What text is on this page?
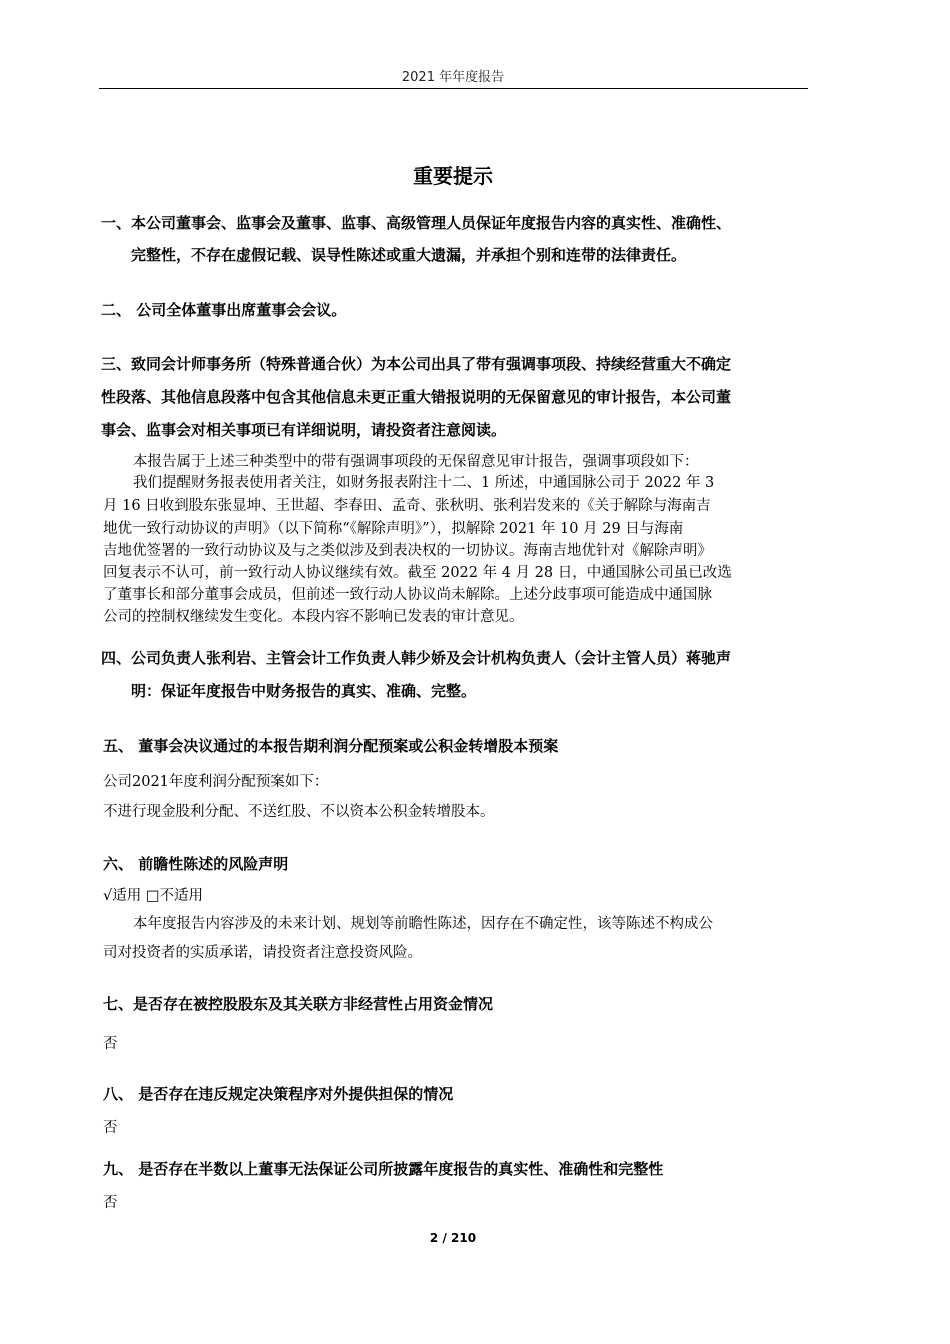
2021 年年度报告
重要提示
一、本公司董事会、监事会及董事、监事、高级管理人员保证年度报告内容的真实性、准确性、
完整性，不存在虚假记载、误导性陈述或重大遗漏，并承担个别和连带的法律责任。
二、 公司全体董事出席董事会会议。
三、致同会计师事务所（特殊普通合伙）为本公司出具了带有强调事项段、持续经营重大不确定
性段落、其他信息段落中包含其他信息未更正重大错报说明的无保留意见的审计报告，本公司董
事会、监事会对相关事项已有详细说明，请投资者注意阅读。
本报告属于上述三种类型中的带有强调事项段的无保留意见审计报告，强调事项段如下：
我们提醒财务报表使用者关注，如财务报表附注十二、1 所述，中通国脉公司于 2022 年 3
月 16 日收到股东张显坤、王世超、李春田、孟奇、张秋明、张利岩发来的《关于解除与海南吉
地优一致行动协议的声明》（以下简称“《解除声明》”），拟解除 2021 年 10 月 29 日与海南
吉地优签署的一致行动协议及与之类似涉及到表决权的一切协议。海南吉地优针对《解除声明》
回复表示不认可，前一致行动人协议继续有效。截至 2022 年 4 月 28 日，中通国脉公司虽已改选
了董事长和部分董事会成员，但前述一致行动人协议尚未解除。上述分歧事项可能造成中通国脉
公司的控制权继续发生变化。本段内容不影响已发表的审计意见。
四、公司负责人张利岩、主管会计工作负责人韩少娇及会计机构负责人（会计主管人员）蒋驰声
明：保证年度报告中财务报告的真实、准确、完整。
五、 董事会决议通过的本报告期利润分配预案或公积金转增股本预案
公司2021年度利润分配预案如下：
不进行现金股利分配、不送红股、不以资本公积金转增股本。
六、 前瞻性陈述的风险声明
√适用 □不适用
本年度报告内容涉及的未来计划、规划等前瞻性陈述，因存在不确定性，该等陈述不构成公
司对投资者的实质承诺，请投资者注意投资风险。
七、是否存在被控股股东及其关联方非经营性占用资金情况
否
八、 是否存在违反规定决策程序对外提供担保的情况
否
九、 是否存在半数以上董事无法保证公司所披露年度报告的真实性、准确性和完整性
否
2 / 210
